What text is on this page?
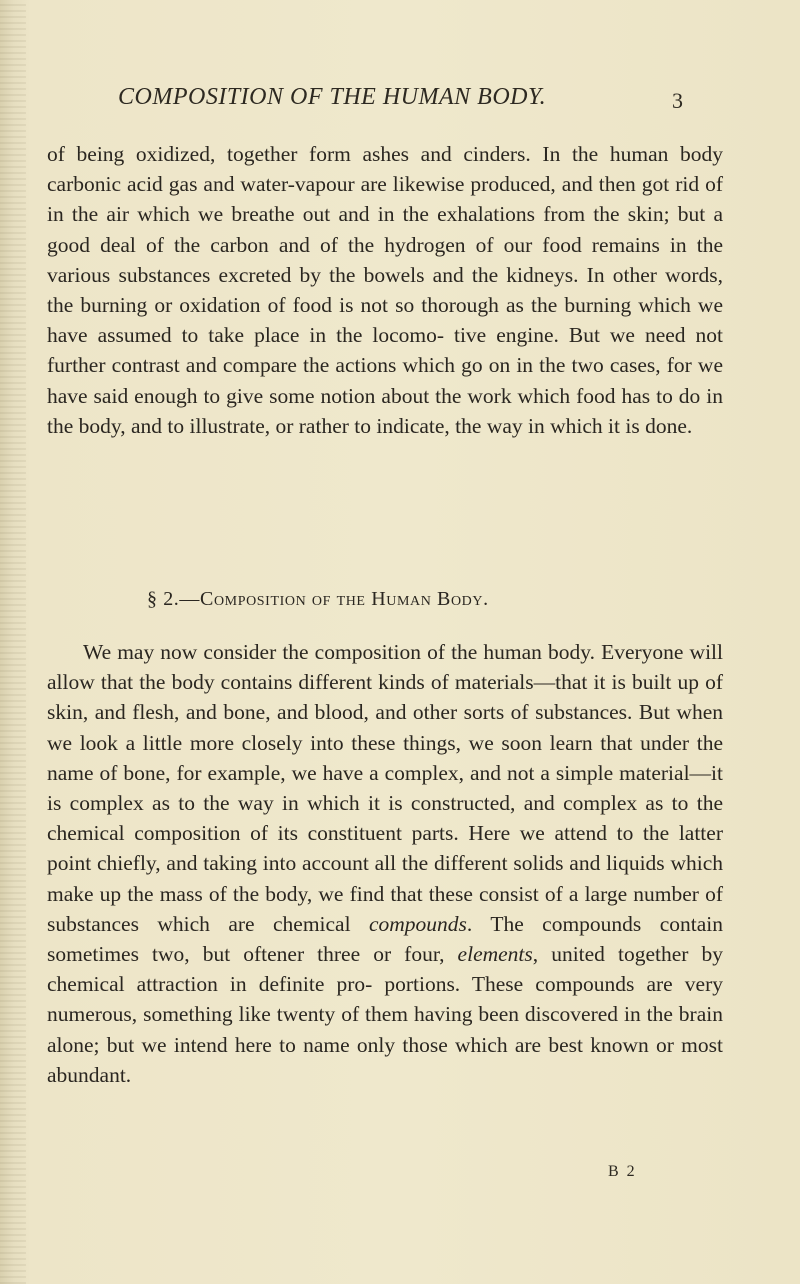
COMPOSITION OF THE HUMAN BODY.	3
of being oxidized, together form ashes and cinders. In the human body carbonic acid gas and water-vapour are likewise produced, and then got rid of in the air which we breathe out and in the exhalations from the skin; but a good deal of the carbon and of the hydrogen of our food remains in the various substances excreted by the bowels and the kidneys. In other words, the burning or oxidation of food is not so thorough as the burning which we have assumed to take place in the locomo- tive engine. But we need not further contrast and compare the actions which go on in the two cases, for we have said enough to give some notion about the work which food has to do in the body, and to illustrate, or rather to indicate, the way in which it is done.
§ 2.—Composition of the Human Body.
We may now consider the composition of the human body. Everyone will allow that the body contains different kinds of materials—that it is built up of skin, and flesh, and bone, and blood, and other sorts of substances. But when we look a little more closely into these things, we soon learn that under the name of bone, for example, we have a complex, and not a simple material—it is complex as to the way in which it is constructed, and complex as to the chemical composition of its constituent parts. Here we attend to the latter point chiefly, and taking into account all the different solids and liquids which make up the mass of the body, we find that these consist of a large number of substances which are chemical compounds. The compounds contain sometimes two, but oftener three or four, elements, united together by chemical attraction in definite pro- portions. These compounds are very numerous, something like twenty of them having been discovered in the brain alone; but we intend here to name only those which are best known or most abundant.
B 2
